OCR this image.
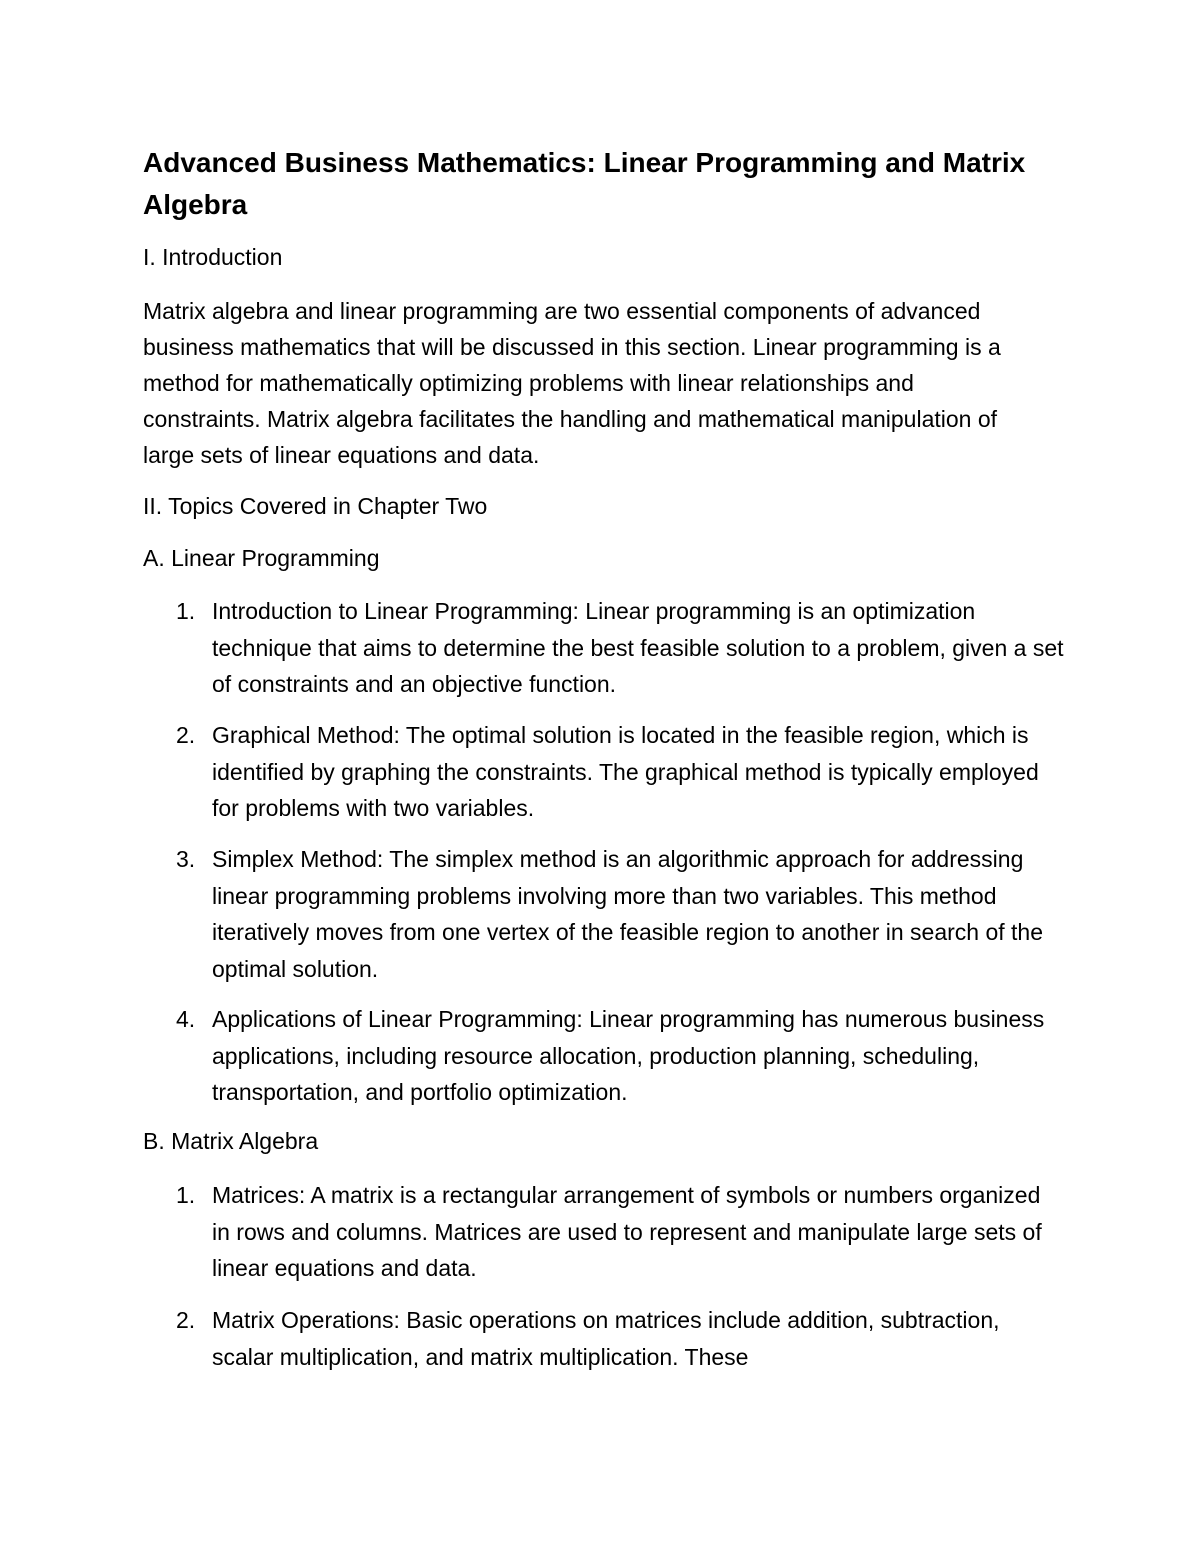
Advanced Business Mathematics: Linear Programming and Matrix Algebra
I. Introduction

Matrix algebra and linear programming are two essential components of advanced business mathematics that will be discussed in this section. Linear programming is a method for mathematically optimizing problems with linear relationships and constraints. Matrix algebra facilitates the handling and mathematical manipulation of large sets of linear equations and data.

II. Topics Covered in Chapter Two
A. Linear Programming
1. Introduction to Linear Programming: Linear programming is an optimization technique that aims to determine the best feasible solution to a problem, given a set of constraints and an objective function.
2. Graphical Method: The optimal solution is located in the feasible region, which is identified by graphing the constraints. The graphical method is typically employed for problems with two variables.
3. Simplex Method: The simplex method is an algorithmic approach for addressing linear programming problems involving more than two variables. This method iteratively moves from one vertex of the feasible region to another in search of the optimal solution.
4. Applications of Linear Programming: Linear programming has numerous business applications, including resource allocation, production planning, scheduling, transportation, and portfolio optimization.
B. Matrix Algebra
1. Matrices: A matrix is a rectangular arrangement of symbols or numbers organized in rows and columns. Matrices are used to represent and manipulate large sets of linear equations and data.
2. Matrix Operations: Basic operations on matrices include addition, subtraction, scalar multiplication, and matrix multiplication. These
